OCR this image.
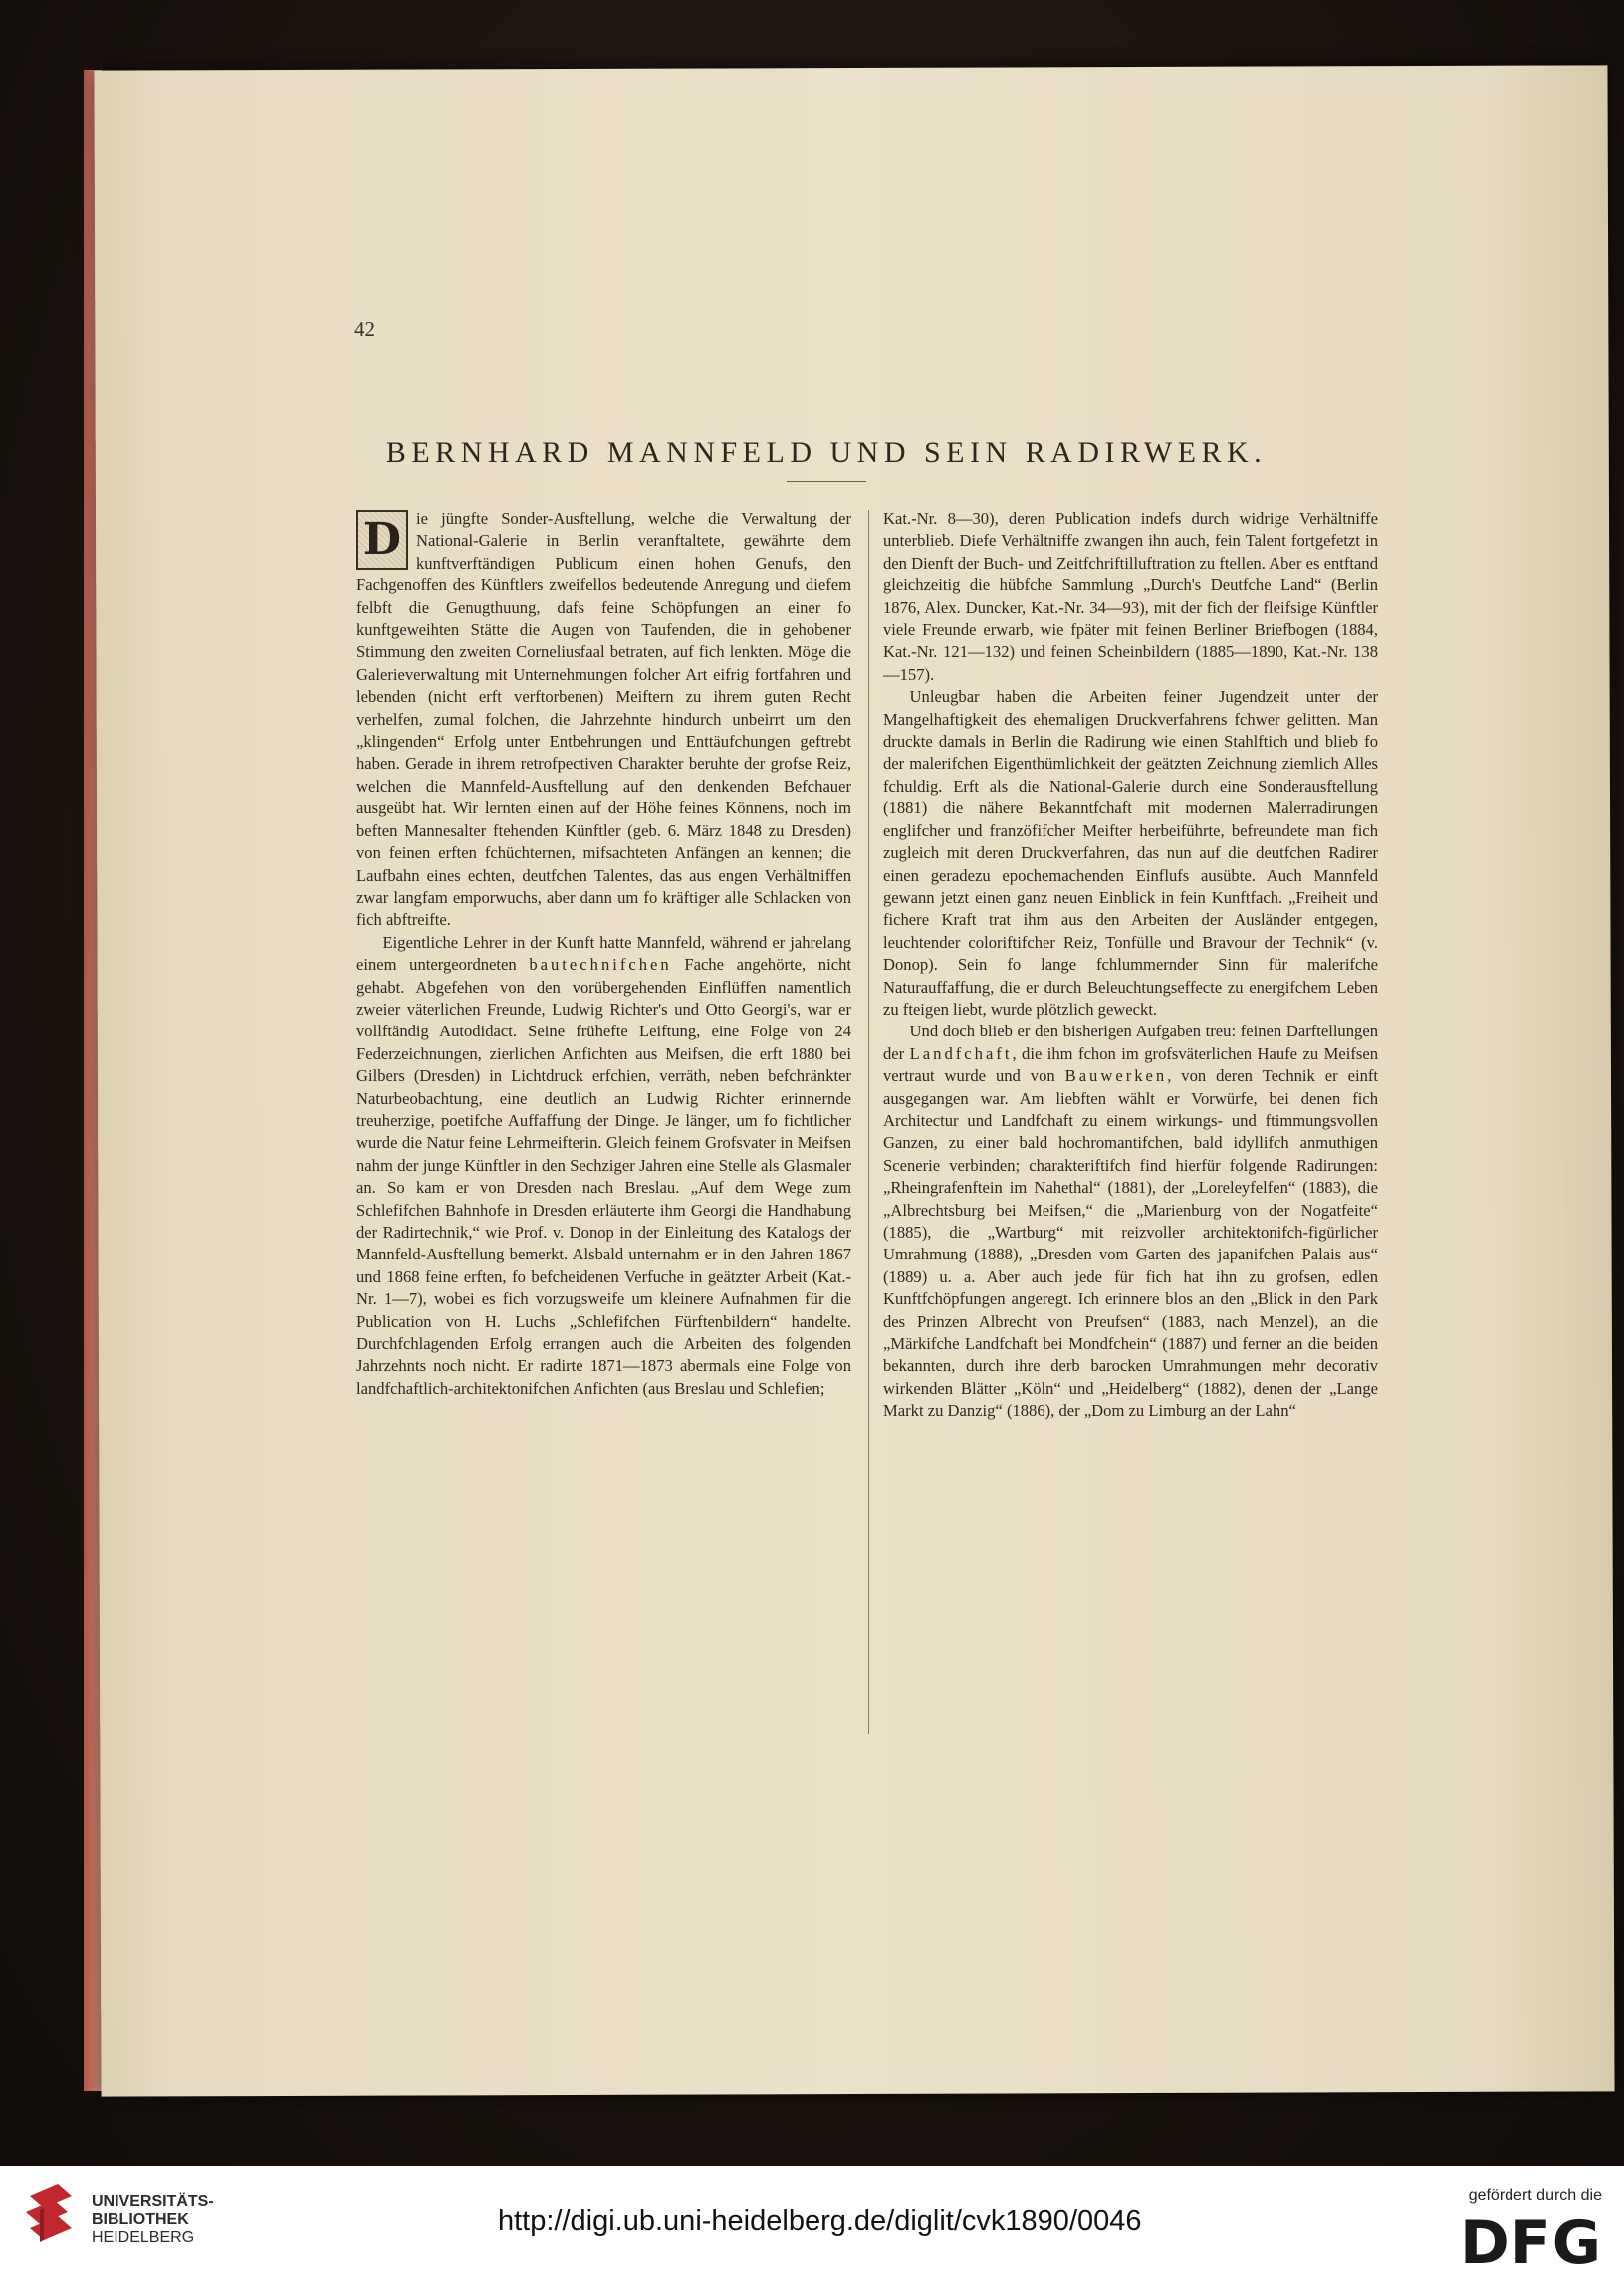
42
BERNHARD MANNFELD UND SEIN RADIRWERK.

D ie jüngfte Sonder-Ausftellung, welche die Verwaltung der National-Galerie in Berlin veranftaltete, gewährte dem kunftverftändigen Publicum einen hohen Genufs, den Fachgenoffen des Künftlers zweifellos bedeutende Anregung und diefem felbft die Genugthuung, dafs feine Schöpfungen an einer fo kunftgeweihten Stätte die Augen von Taufenden, die in gehobener Stimmung den zweiten Corneliusfaal betraten, auf fich lenkten. Möge die Galerieverwaltung mit Unternehmungen folcher Art eifrig fortfahren und lebenden (nicht erft verftorbenen) Meiftern zu ihrem guten Recht verhelfen, zumal folchen, die Jahrzehnte hindurch unbeirrt um den „klingenden“ Erfolg unter Entbehrungen und Enttäufchungen geftrebt haben. Gerade in ihrem retrofpectiven Charakter beruhte der grofse Reiz, welchen die Mannfeld-Ausftellung auf den denkenden Befchauer ausgeübt hat. Wir lernten einen auf der Höhe feines Könnens, noch im beften Mannesalter ftehenden Künftler (geb. 6. März 1848 zu Dresden) von feinen erften fchüchternen, mifsachteten Anfängen an kennen; die Laufbahn eines echten, deutfchen Talentes, das aus engen Verhältniffen zwar langfam emporwuchs, aber dann um fo kräftiger alle Schlacken von fich abftreifte.

Eigentliche Lehrer in der Kunft hatte Mannfeld, während er jahrelang einem untergeordneten bautechnifchen Fache angehörte, nicht gehabt. Abgefehen von den vorübergehenden Einflüffen namentlich zweier väterlichen Freunde, Ludwig Richter's und Otto Georgi's, war er vollftändig Autodidact. Seine frühefte Leiftung, eine Folge von 24 Federzeichnungen, zierlichen Anfichten aus Meifsen, die erft 1880 bei Gilbers (Dresden) in Lichtdruck erfchien, verräth, neben befchränkter Naturbeobachtung, eine deutlich an Ludwig Richter erinnernde treuherzige, poetifche Auffaffung der Dinge. Je länger, um fo fichtlicher wurde die Natur feine Lehrmeifterin. Gleich feinem Grofsvater in Meifsen nahm der junge Künftler in den Sechziger Jahren eine Stelle als Glasmaler an. So kam er von Dresden nach Breslau. „Auf dem Wege zum Schlefifchen Bahnhofe in Dresden erläuterte ihm Georgi die Handhabung der Radirtechnik,“ wie Prof. v. Donop in der Einleitung des Katalogs der Mannfeld-Ausftellung bemerkt. Alsbald unternahm er in den Jahren 1867 und 1868 feine erften, fo befcheidenen Verfuche in geätzter Arbeit (Kat.-Nr. 1—7), wobei es fich vorzugsweife um kleinere Aufnahmen für die Publication von H. Luchs „Schlefifchen Fürftenbildern“ handelte. Durchfchlagenden Erfolg errangen auch die Arbeiten des folgenden Jahrzehnts noch nicht. Er radirte 1871—1873 abermals eine Folge von landfchaftlich-architektonifchen Anfichten (aus Breslau und Schlefien;

Kat.-Nr. 8—30), deren Publication indefs durch widrige Verhältniffe unterblieb. Diefe Verhältniffe zwangen ihn auch, fein Talent fortgefetzt in den Dienft der Buch- und Zeitfchriftilluftration zu ftellen. Aber es entftand gleichzeitig die hübfche Sammlung „Durch's Deutfche Land“ (Berlin 1876, Alex. Duncker, Kat.-Nr. 34—93), mit der fich der fleifsige Künftler viele Freunde erwarb, wie fpäter mit feinen Berliner Briefbogen (1884, Kat.-Nr. 121—132) und feinen Scheinbildern (1885—1890, Kat.-Nr. 138—157).

Unleugbar haben die Arbeiten feiner Jugendzeit unter der Mangelhaftigkeit des ehemaligen Druckverfahrens fchwer gelitten. Man druckte damals in Berlin die Radirung wie einen Stahlftich und blieb fo der malerifchen Eigenthümlichkeit der geätzten Zeichnung ziemlich Alles fchuldig. Erft als die National-Galerie durch eine Sonderausftellung (1881) die nähere Bekanntfchaft mit modernen Malerradirungen englifcher und franzöfifcher Meifter herbeiführte, befreundete man fich zugleich mit deren Druckverfahren, das nun auf die deutfchen Radirer einen geradezu epochemachenden Einflufs ausübte. Auch Mannfeld gewann jetzt einen ganz neuen Einblick in fein Kunftfach. „Freiheit und fichere Kraft trat ihm aus den Arbeiten der Ausländer entgegen, leuchtender coloriftifcher Reiz, Tonfülle und Bravour der Technik“ (v. Donop). Sein fo lange fchlummernder Sinn für malerifche Naturauffaffung, die er durch Beleuchtungseffecte zu energifchem Leben zu fteigen liebt, wurde plötzlich geweckt.

Und doch blieb er den bisherigen Aufgaben treu: feinen Darftellungen der Landfchaft, die ihm fchon im grofsväterlichen Haufe zu Meifsen vertraut wurde und von Bauwerken, von deren Technik er einft ausgegangen war. Am liebften wählt er Vorwürfe, bei denen fich Architectur und Landfchaft zu einem wirkungs- und ftimmungsvollen Ganzen, zu einer bald hochromantifchen, bald idyllifch anmuthigen Scenerie verbinden; charakteriftifch find hierfür folgende Radirungen: „Rheingrafenftein im Nahethal“ (1881), der „Loreleyfelfen“ (1883), die „Albrechtsburg bei Meifsen,“ die „Marienburg von der Nogatfeite“ (1885), die „Wartburg“ mit reizvoller architektonifch-figürlicher Umrahmung (1888), „Dresden vom Garten des japanifchen Palais aus“ (1889) u. a. Aber auch jede für fich hat ihn zu grofsen, edlen Kunftfchöpfungen angeregt. Ich erinnere blos an den „Blick in den Park des Prinzen Albrecht von Preufsen“ (1883, nach Menzel), an die „Märkifche Landfchaft bei Mondfchein“ (1887) und ferner an die beiden bekannten, durch ihre derb barocken Umrahmungen mehr decorativ wirkenden Blätter „Köln“ und „Heidelberg“ (1882), denen der „Lange Markt zu Danzig“ (1886), der „Dom zu Limburg an der Lahn“

UNIVERSITÄTS-
BIBLIOTHEK
HEIDELBERG
http://digi.ub.uni-heidelberg.de/diglit/cvk1890/0046
gefördert durch die
DFG
